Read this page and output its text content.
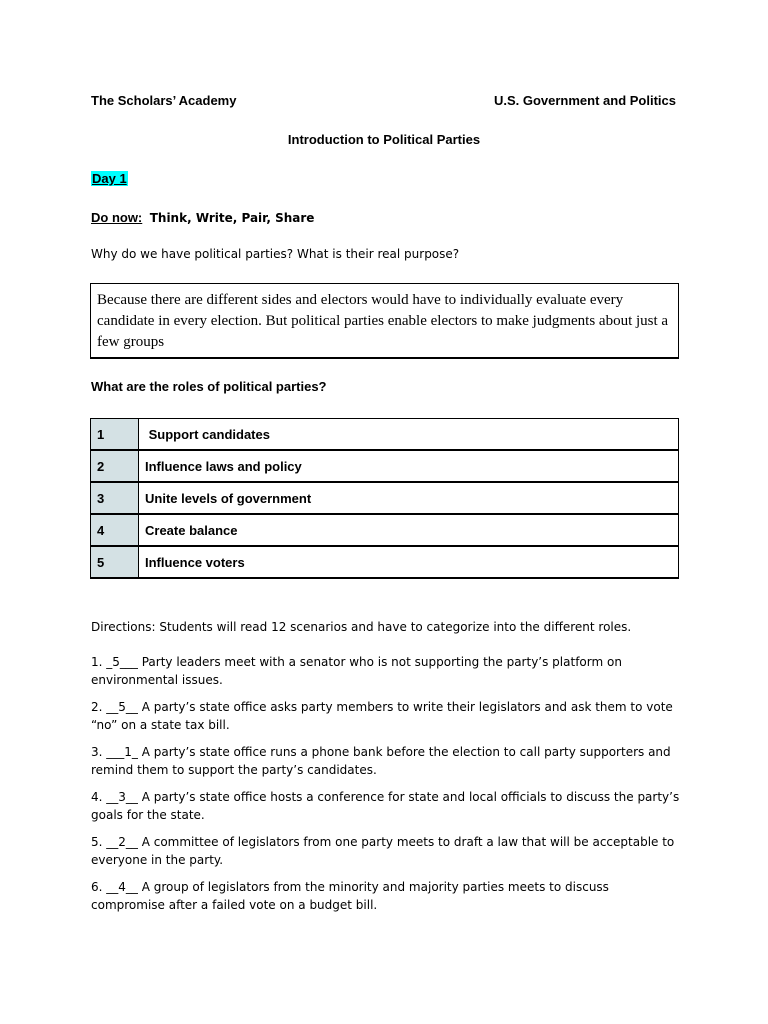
The Scholars’ Academy	U.S. Government and Politics
Introduction to Political Parties
Day 1
Do now: Think, Write, Pair, Share
Why do we have political parties? What is their real purpose?
Because there are different sides and electors would have to individually evaluate every candidate in every election. But political parties enable electors to make judgments about just a few groups
What are the roles of political parties?
1	Support candidates
2	Influence laws and policy
3	Unite levels of government
4	Create balance
5	Influence voters
Directions: Students will read 12 scenarios and have to categorize into the different roles.

1. _5___ Party leaders meet with a senator who is not supporting the party’s platform on environmental issues.

2. __5__ A party’s state office asks party members to write their legislators and ask them to vote “no” on a state tax bill.

3. ___1_ A party’s state office runs a phone bank before the election to call party supporters and remind them to support the party’s candidates.

4. __3__ A party’s state office hosts a conference for state and local officials to discuss the party’s goals for the state.

5. __2__ A committee of legislators from one party meets to draft a law that will be acceptable to everyone in the party.

6. __4__ A group of legislators from the minority and majority parties meets to discuss compromise after a failed vote on a budget bill.
